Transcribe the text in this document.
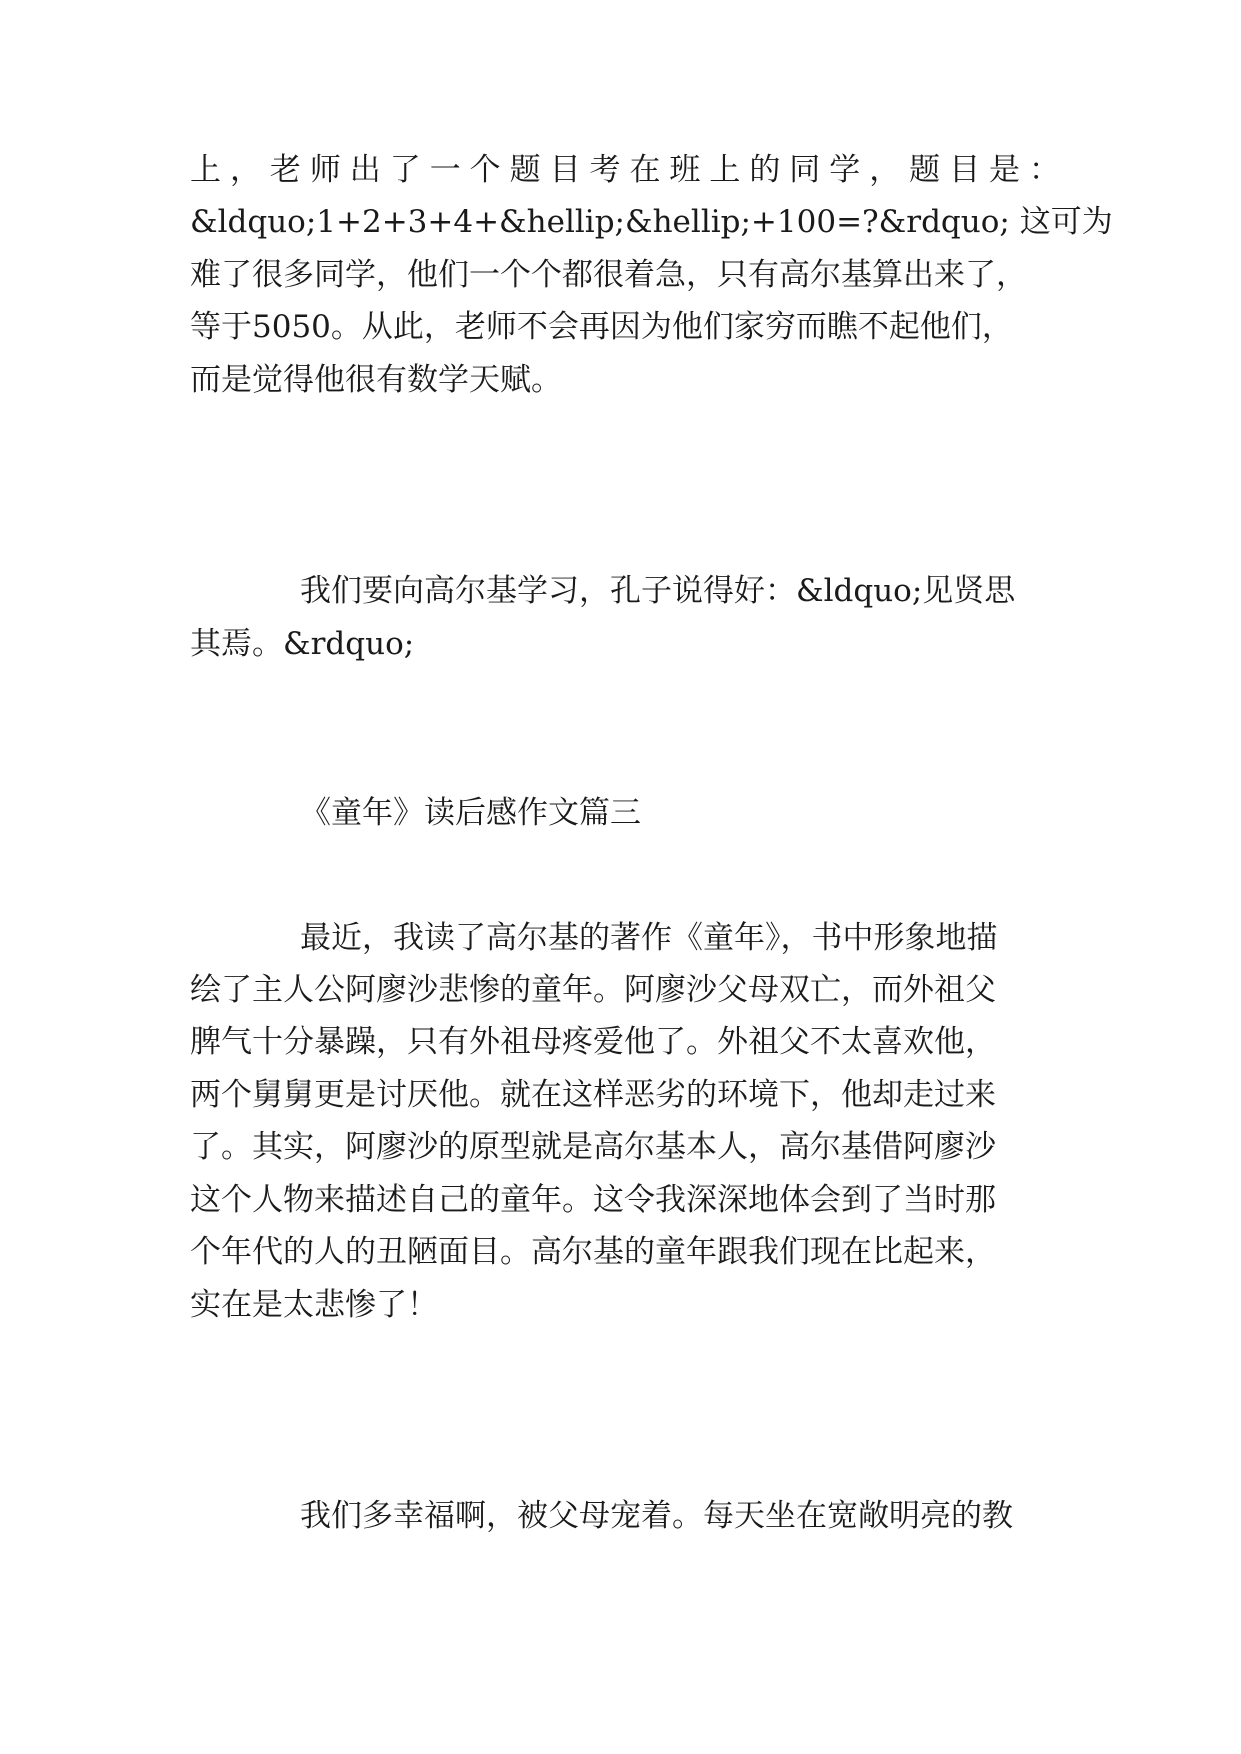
上，老师出了一个题目考在班上的同学，题目是：

&ldquo;1+2+3+4+&hellip;&hellip;+100=?&rdquo; 这可为

难了很多同学，他们一个个都很着急，只有高尔基算出来了，

等于5050。从此，老师不会再因为他们家穷而瞧不起他们，

而是觉得他很有数学天赋。

我们要向高尔基学习，孔子说得好：&ldquo;见贤思

其焉。&rdquo;

《童年》读后感作文篇三

最近，我读了高尔基的著作《童年》，书中形象地描

绘了主人公阿廖沙悲惨的童年。阿廖沙父母双亡，而外祖父

脾气十分暴躁，只有外祖母疼爱他了。外祖父不太喜欢他，

两个舅舅更是讨厌他。就在这样恶劣的环境下，他却走过来

了。其实，阿廖沙的原型就是高尔基本人，高尔基借阿廖沙

这个人物来描述自己的童年。这令我深深地体会到了当时那

个年代的人的丑陋面目。高尔基的童年跟我们现在比起来，

实在是太悲惨了！

我们多幸福啊，被父母宠着。每天坐在宽敞明亮的教
